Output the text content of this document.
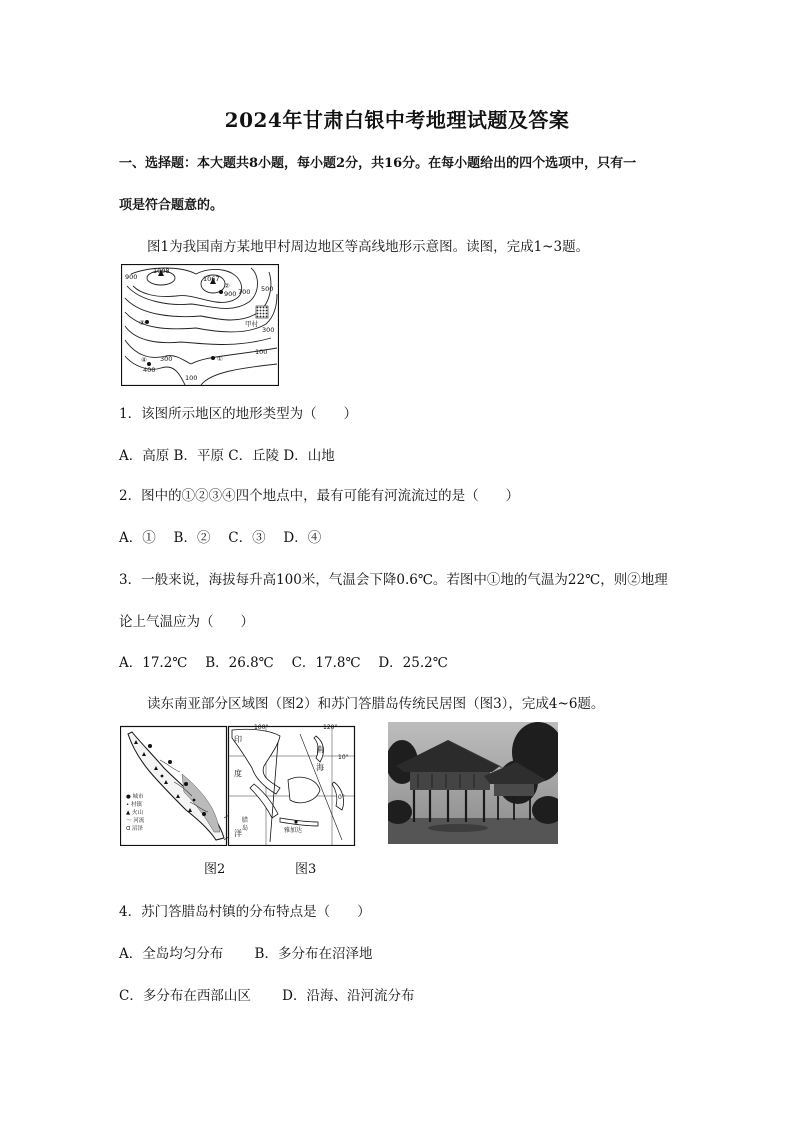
2024年甘肃白银中考地理试题及答案
一、选择题：本大题共8小题，每小题2分，共16分。在每小题给出的四个选项中，只有一
项是符合题意的。
图1为我国南方某地甲村周边地区等高线地形示意图。读图，完成1~3题。
900
1008
1067
900 700 500
300
100
300
400
100
甲村
①
②
③
④
1．该图所示地区的地形类型为（　　）
A．高原 B．平原 C．丘陵 D．山地
2．图中的①②③④四个地点中，最有可能有河流流过的是（　　）
A．①　 B．②　 C．③　 D．④
3．一般来说，海拔每升高100米，气温会下降0.6℃。若图中①地的气温为22℃，则②地理
论上气温应为（　　）
A．17.2℃　 B．26.8℃　 C．17.8℃　 D．25.2℃
读东南亚部分区域图（图2）和苏门答腊岛传统民居图（图3），完成4~6题。
● 城市
• 村镇
▲ 火山
〜 河流
ᗡ 沼泽
100°	120°
10°
0°
腊
岛	雅加达
印
度
洋
南
海
图2	图3
4．苏门答腊岛村镇的分布特点是（　　）
A．全岛均匀分布　　 B．多分布在沼泽地
C．多分布在西部山区　　 D．沿海、沿河流分布
